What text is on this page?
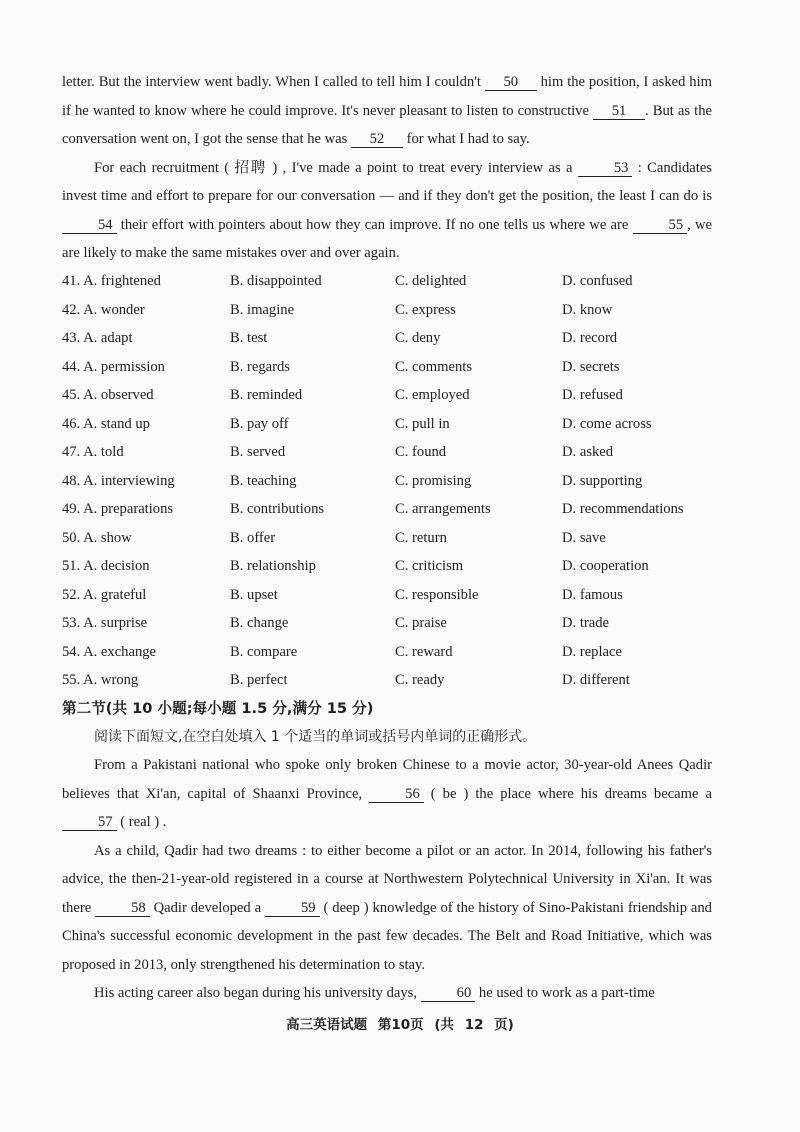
letter. But the interview went badly. When I called to tell him I couldn't 50 him the position, I asked him if he wanted to know where he could improve. It's never pleasant to listen to constructive 51 . But as the conversation went on, I got the sense that he was 52 for what I had to say.

For each recruitment ( 招聘 ) , I've made a point to treat every interview as a 53 : Candidates invest time and effort to prepare for our conversation — and if they don't get the position, the least I can do is 54 their effort with pointers about how they can improve. If no one tells us where we are 55 , we are likely to make the same mistakes over and over again.

41. A. frightened	B. disappointed	C. delighted	D. confused
42. A. wonder	B. imagine	C. express	D. know
43. A. adapt	B. test	C. deny	D. record
44. A. permission	B. regards	C. comments	D. secrets
45. A. observed	B. reminded	C. employed	D. refused
46. A. stand up	B. pay off	C. pull in	D. come across
47. A. told	B. served	C. found	D. asked
48. A. interviewing	B. teaching	C. promising	D. supporting
49. A. preparations	B. contributions	C. arrangements	D. recommendations
50. A. show	B. offer	C. return	D. save
51. A. decision	B. relationship	C. criticism	D. cooperation
52. A. grateful	B. upset	C. responsible	D. famous
53. A. surprise	B. change	C. praise	D. trade
54. A. exchange	B. compare	C. reward	D. replace
55. A. wrong	B. perfect	C. ready	D. different

第二节(共 10 小题;每小题 1.5 分,满分 15 分)

阅读下面短文,在空白处填入 1 个适当的单词或括号内单词的正确形式。

From a Pakistani national who spoke only broken Chinese to a movie actor, 30-year-old Anees Qadir believes that Xi'an, capital of Shaanxi Province, 56 ( be ) the place where his dreams became a 57 ( real ) .

As a child, Qadir had two dreams : to either become a pilot or an actor. In 2014, following his father's advice, the then-21-year-old registered in a course at Northwestern Polytechnical University in Xi'an. It was there 58 Qadir developed a 59 ( deep ) knowledge of the history of Sino-Pakistani friendship and China's successful economic development in the past few decades. The Belt and Road Initiative, which was proposed in 2013, only strengthened his determination to stay.

His acting career also began during his university days, 60 he used to work as a part-time

高三英语试题 第10页 (共 12 页)
